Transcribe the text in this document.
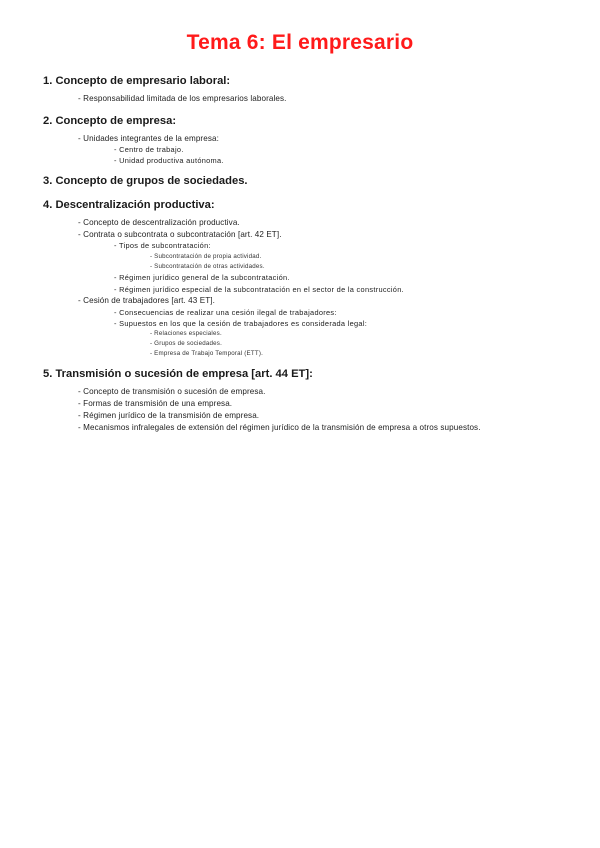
Tema 6: El empresario
1. Concepto de empresario laboral:
- Responsabilidad limitada de los empresarios laborales.
2. Concepto de empresa:
- Unidades integrantes de la empresa:
- Centro de trabajo.
- Unidad productiva autónoma.
3. Concepto de grupos de sociedades.
4. Descentralización productiva:
- Concepto de descentralización productiva.
- Contrata o subcontrata o subcontratación [art. 42 ET].
- Tipos de subcontratación:
- Subcontratación de propia actividad.
- Subcontratación de otras actividades.
- Régimen jurídico general de la subcontratación.
- Régimen jurídico especial de la subcontratación en el sector de la construcción.
- Cesión de trabajadores [art. 43 ET].
- Consecuencias de realizar una cesión ilegal de trabajadores:
- Supuestos en los que la cesión de trabajadores es considerada legal:
- Relaciones especiales.
- Grupos de sociedades.
- Empresa de Trabajo Temporal (ETT).
5. Transmisión o sucesión de empresa [art. 44 ET]:
- Concepto de transmisión o sucesión de empresa.
- Formas de transmisión de una empresa.
- Régimen jurídico de la transmisión de empresa.
- Mecanismos infralegales de extensión del régimen jurídico de la transmisión de empresa a otros supuestos.
